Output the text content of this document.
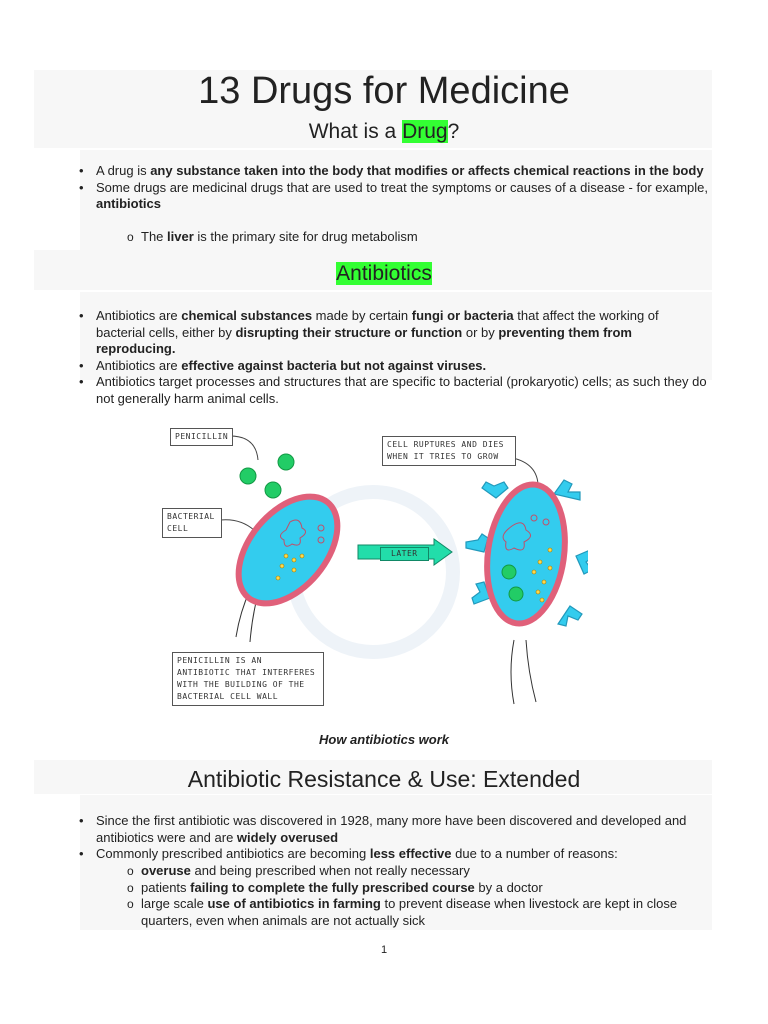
13 Drugs for Medicine
What is a Drug?
• A drug is any substance taken into the body that modifies or affects chemical reactions in the body
• Some drugs are medicinal drugs that are used to treat the symptoms or causes of a disease - for example, antibiotics
o The liver is the primary site for drug metabolism
Antibiotics
• Antibiotics are chemical substances made by certain fungi or bacteria that affect the working of bacterial cells, either by disrupting their structure or function or by preventing them from reproducing.
• Antibiotics are effective against bacteria but not against viruses.
• Antibiotics target processes and structures that are specific to bacterial (prokaryotic) cells; as such they do not generally harm animal cells.
PENICILLIN
BACTERIAL CELL
LATER
CELL RUPTURES AND DIES WHEN IT TRIES TO GROW
PENICILLIN IS AN ANTIBIOTIC THAT INTERFERES WITH THE BUILDING OF THE BACTERIAL CELL WALL
How antibiotics work
Antibiotic Resistance & Use: Extended
• Since the first antibiotic was discovered in 1928, many more have been discovered and developed and antibiotics were and are widely overused
• Commonly prescribed antibiotics are becoming less effective due to a number of reasons:
o overuse and being prescribed when not really necessary
o patients failing to complete the fully prescribed course by a doctor
o large scale use of antibiotics in farming to prevent disease when livestock are kept in close quarters, even when animals are not actually sick
1
